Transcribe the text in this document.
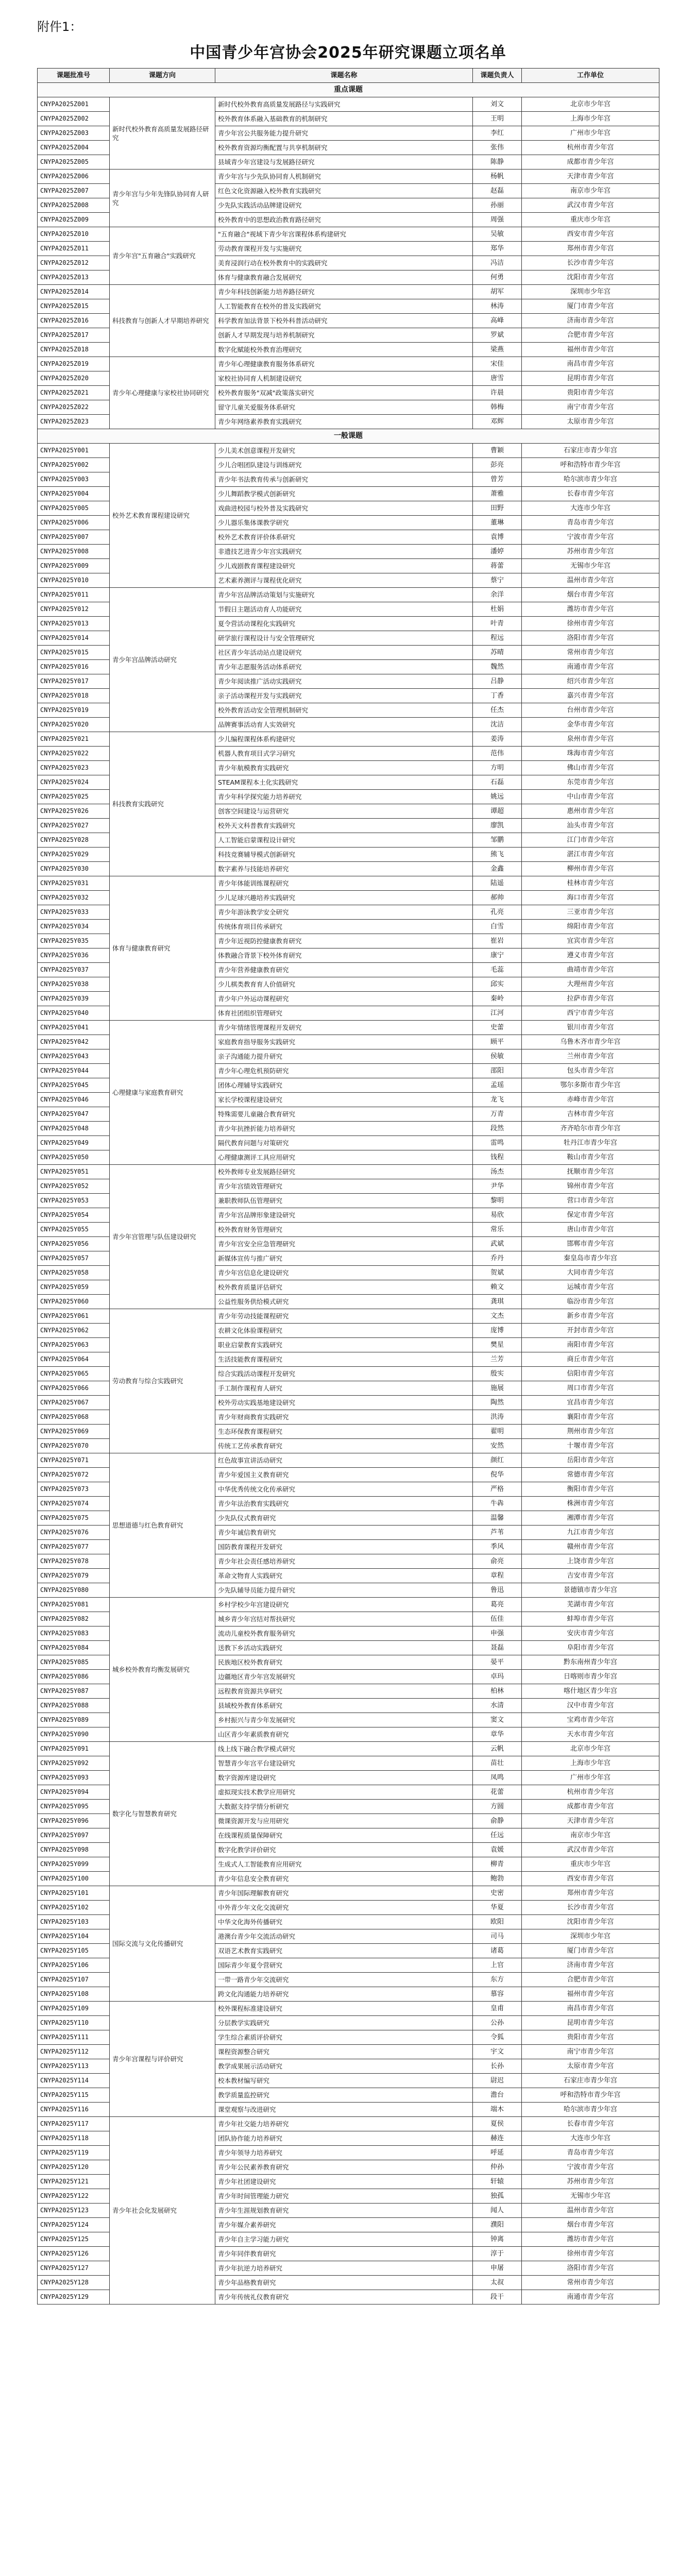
附件1：
中国青少年宫协会2025年研究课题立项名单
课题批准号	课题方向	课题名称	课题负责人	工作单位
重点课题				
CNYPA2025Z001	新时代校外教育高质量发展路径研究	新时代校外教育高质量发展路径与实践研究	刘文	北京市少年宫
CNYPA2025Z002		校外教育体系融入基础教育的机制研究	王明	上海市少年宫
CNYPA2025Z003		青少年宫公共服务能力提升研究	李红	广州市少年宫
CNYPA2025Z004		校外教育资源均衡配置与共享机制研究	张伟	杭州市青少年宫
CNYPA2025Z005		县域青少年宫建设与发展路径研究	陈静	成都市青少年宫
CNYPA2025Z006	青少年宫与少年先锋队协同育人研究	青少年宫与少先队协同育人机制研究	杨帆	天津市青少年宫
CNYPA2025Z007		红色文化资源融入校外教育实践研究	赵磊	南京市少年宫
CNYPA2025Z008		少先队实践活动品牌建设研究	孙丽	武汉市青少年宫
CNYPA2025Z009		校外教育中的思想政治教育路径研究	周强	重庆市少年宫
CNYPA2025Z010	青少年宫"五育融合"实践研究	"五育融合"视域下青少年宫课程体系构建研究	吴敏	西安市青少年宫
CNYPA2025Z011		劳动教育课程开发与实施研究	郑华	郑州市青少年宫
CNYPA2025Z012		美育浸润行动在校外教育中的实践研究	冯洁	长沙市青少年宫
CNYPA2025Z013		体育与健康教育融合发展研究	何勇	沈阳市青少年宫
CNYPA2025Z014	科技教育与创新人才早期培养研究	青少年科技创新能力培养路径研究	胡军	深圳市少年宫
CNYPA2025Z015		人工智能教育在校外的普及实践研究	林涛	厦门市青少年宫
CNYPA2025Z016		科学教育加法背景下校外科普活动研究	高峰	济南市青少年宫
CNYPA2025Z017		创新人才早期发现与培养机制研究	罗斌	合肥市青少年宫
CNYPA2025Z018		数字化赋能校外教育治理研究	梁燕	福州市青少年宫
CNYPA2025Z019	青少年心理健康与家校社协同研究	青少年心理健康教育服务体系研究	宋佳	南昌市青少年宫
CNYPA2025Z020		家校社协同育人机制建设研究	唐雪	昆明市青少年宫
CNYPA2025Z021		校外教育服务"双减"政策落实研究	许晨	贵阳市青少年宫
CNYPA2025Z022		留守儿童关爱服务体系研究	韩梅	南宁市青少年宫
CNYPA2025Z023		青少年网络素养教育实践研究	邓辉	太原市青少年宫
一般课题				
CNYPA2025Y001	校外艺术教育课程建设研究	少儿美术创意课程开发研究	曹颖	石家庄市青少年宫
CNYPA2025Y002		少儿合唱团队建设与训练研究	彭亮	呼和浩特市青少年宫
CNYPA2025Y003		青少年书法教育传承与创新研究	曾芳	哈尔滨市青少年宫
CNYPA2025Y004		少儿舞蹈教学模式创新研究	萧雅	长春市青少年宫
CNYPA2025Y005		戏曲进校园与校外普及实践研究	田野	大连市少年宫
CNYPA2025Y006		少儿器乐集体课教学研究	董琳	青岛市青少年宫
CNYPA2025Y007		校外艺术教育评价体系研究	袁博	宁波市青少年宫
CNYPA2025Y008		非遗技艺进青少年宫实践研究	潘婷	苏州市青少年宫
CNYPA2025Y009		少儿戏剧教育课程建设研究	蒋蕾	无锡市少年宫
CNYPA2025Y010		艺术素养测评与课程优化研究	蔡宁	温州市青少年宫
CNYPA2025Y011	青少年宫品牌活动研究	青少年宫品牌活动策划与实施研究	余洋	烟台市青少年宫
CNYPA2025Y012		节假日主题活动育人功能研究	杜娟	潍坊市青少年宫
CNYPA2025Y013		夏令营活动课程化实践研究	叶青	徐州市青少年宫
CNYPA2025Y014		研学旅行课程设计与安全管理研究	程远	洛阳市青少年宫
CNYPA2025Y015		社区青少年活动站点建设研究	苏晴	常州市青少年宫
CNYPA2025Y016		青少年志愿服务活动体系研究	魏然	南通市青少年宫
CNYPA2025Y017		青少年阅读推广活动实践研究	吕静	绍兴市青少年宫
CNYPA2025Y018		亲子活动课程开发与实践研究	丁香	嘉兴市青少年宫
CNYPA2025Y019		校外教育活动安全管理机制研究	任杰	台州市青少年宫
CNYPA2025Y020		品牌赛事活动育人实效研究	沈洁	金华市青少年宫
CNYPA2025Y021	科技教育实践研究	少儿编程课程体系构建研究	姜涛	泉州市青少年宫
CNYPA2025Y022		机器人教育项目式学习研究	范伟	珠海市青少年宫
CNYPA2025Y023		青少年航模教育实践研究	方明	佛山市青少年宫
CNYPA2025Y024		STEAM课程本土化实践研究	石磊	东莞市青少年宫
CNYPA2025Y025		青少年科学探究能力培养研究	姚远	中山市青少年宫
CNYPA2025Y026		创客空间建设与运营研究	谭超	惠州市青少年宫
CNYPA2025Y027		校外天文科普教育实践研究	廖凯	汕头市青少年宫
CNYPA2025Y028		人工智能启蒙课程设计研究	邹鹏	江门市青少年宫
CNYPA2025Y029		科技竞赛辅导模式创新研究	熊飞	湛江市青少年宫
CNYPA2025Y030		数字素养与技能培养研究	金鑫	柳州市青少年宫
CNYPA2025Y031	体育与健康教育研究	青少年体能训练课程研究	陆遥	桂林市青少年宫
CNYPA2025Y032		少儿足球兴趣培养实践研究	郝帅	海口市青少年宫
CNYPA2025Y033		青少年游泳教学安全研究	孔亮	三亚市青少年宫
CNYPA2025Y034		传统体育项目传承研究	白雪	绵阳市青少年宫
CNYPA2025Y035		青少年近视防控健康教育研究	崔岩	宜宾市青少年宫
CNYPA2025Y036		体教融合背景下校外体育研究	康宁	遵义市青少年宫
CNYPA2025Y037		青少年营养健康教育研究	毛蕊	曲靖市青少年宫
CNYPA2025Y038		少儿棋类教育育人价值研究	邱实	大理州青少年宫
CNYPA2025Y039		青少年户外运动课程研究	秦岭	拉萨市青少年宫
CNYPA2025Y040		体育社团组织管理研究	江河	西宁市青少年宫
CNYPA2025Y041	心理健康与家庭教育研究	青少年情绪管理课程开发研究	史蕾	银川市青少年宫
CNYPA2025Y042		家庭教育指导服务实践研究	顾平	乌鲁木齐市青少年宫
CNYPA2025Y043		亲子沟通能力提升研究	侯敏	兰州市青少年宫
CNYPA2025Y044		青少年心理危机预防研究	邵阳	包头市青少年宫
CNYPA2025Y045		团体心理辅导实践研究	孟瑶	鄂尔多斯市青少年宫
CNYPA2025Y046		家长学校课程建设研究	龙飞	赤峰市青少年宫
CNYPA2025Y047		特殊需要儿童融合教育研究	万青	吉林市青少年宫
CNYPA2025Y048		青少年抗挫折能力培养研究	段然	齐齐哈尔市青少年宫
CNYPA2025Y049		隔代教育问题与对策研究	雷鸣	牡丹江市青少年宫
CNYPA2025Y050		心理健康测评工具应用研究	钱程	鞍山市青少年宫
CNYPA2025Y051	青少年宫管理与队伍建设研究	校外教师专业发展路径研究	汤杰	抚顺市青少年宫
CNYPA2025Y052		青少年宫绩效管理研究	尹华	锦州市青少年宫
CNYPA2025Y053		兼职教师队伍管理研究	黎明	营口市青少年宫
CNYPA2025Y054		青少年宫品牌形象建设研究	易欣	保定市青少年宫
CNYPA2025Y055		校外教育财务管理研究	常乐	唐山市青少年宫
CNYPA2025Y056		青少年宫安全应急管理研究	武斌	邯郸市青少年宫
CNYPA2025Y057		新媒体宣传与推广研究	乔丹	秦皇岛市青少年宫
CNYPA2025Y058		青少年宫信息化建设研究	贺斌	大同市青少年宫
CNYPA2025Y059		校外教育质量评估研究	赖文	运城市青少年宫
CNYPA2025Y060		公益性服务供给模式研究	龚琪	临汾市青少年宫
CNYPA2025Y061	劳动教育与综合实践研究	青少年劳动技能课程研究	文杰	新乡市青少年宫
CNYPA2025Y062		农耕文化体验课程研究	庞博	开封市青少年宫
CNYPA2025Y063		职业启蒙教育实践研究	樊星	南阳市青少年宫
CNYPA2025Y064		生活技能教育课程研究	兰芳	商丘市青少年宫
CNYPA2025Y065		综合实践活动课程开发研究	殷实	信阳市青少年宫
CNYPA2025Y066		手工制作课程育人研究	施展	周口市青少年宫
CNYPA2025Y067		校外劳动实践基地建设研究	陶然	宜昌市青少年宫
CNYPA2025Y068		青少年财商教育实践研究	洪涛	襄阳市青少年宫
CNYPA2025Y069		生态环保教育课程研究	翟明	荆州市青少年宫
CNYPA2025Y070		传统工艺传承教育研究	安然	十堰市青少年宫
CNYPA2025Y071	思想道德与红色教育研究	红色故事宣讲活动研究	颜红	岳阳市青少年宫
CNYPA2025Y072		青少年爱国主义教育研究	倪华	常德市青少年宫
CNYPA2025Y073		中华优秀传统文化传承研究	严格	衡阳市青少年宫
CNYPA2025Y074		青少年法治教育实践研究	牛犇	株洲市青少年宫
CNYPA2025Y075		少先队仪式教育研究	温馨	湘潭市青少年宫
CNYPA2025Y076		青少年诚信教育研究	芦苇	九江市青少年宫
CNYPA2025Y077		国防教育课程开发研究	季风	赣州市青少年宫
CNYPA2025Y078		青少年社会责任感培养研究	俞亮	上饶市青少年宫
CNYPA2025Y079		革命文物育人实践研究	章程	吉安市青少年宫
CNYPA2025Y080		少先队辅导员能力提升研究	鲁迅	景德镇市青少年宫
CNYPA2025Y081	城乡校外教育均衡发展研究	乡村学校少年宫建设研究	葛亮	芜湖市青少年宫
CNYPA2025Y082		城乡青少年宫结对帮扶研究	伍佳	蚌埠市青少年宫
CNYPA2025Y083		流动儿童校外教育服务研究	申强	安庆市青少年宫
CNYPA2025Y084		送教下乡活动实践研究	聂磊	阜阳市青少年宫
CNYPA2025Y085		民族地区校外教育研究	晏平	黔东南州青少年宫
CNYPA2025Y086		边疆地区青少年宫发展研究	卓玛	日喀则市青少年宫
CNYPA2025Y087		远程教育资源共享研究	柏林	喀什地区青少年宫
CNYPA2025Y088		县域校外教育体系研究	水清	汉中市青少年宫
CNYPA2025Y089		乡村振兴与青少年发展研究	窦文	宝鸡市青少年宫
CNYPA2025Y090		山区青少年素质教育研究	章华	天水市青少年宫
CNYPA2025Y091	数字化与智慧教育研究	线上线下融合教学模式研究	云帆	北京市少年宫
CNYPA2025Y092		智慧青少年宫平台建设研究	苗壮	上海市少年宫
CNYPA2025Y093		数字资源库建设研究	凤鸣	广州市少年宫
CNYPA2025Y094		虚拟现实技术教学应用研究	花蕾	杭州市青少年宫
CNYPA2025Y095		大数据支持学情分析研究	方圆	成都市青少年宫
CNYPA2025Y096		微课资源开发与应用研究	俞静	天津市青少年宫
CNYPA2025Y097		在线课程质量保障研究	任远	南京市少年宫
CNYPA2025Y098		数字化教学评价研究	袁媛	武汉市青少年宫
CNYPA2025Y099		生成式人工智能教育应用研究	柳青	重庆市少年宫
CNYPA2025Y100		青少年信息安全教育研究	鲍勃	西安市青少年宫
CNYPA2025Y101	国际交流与文化传播研究	青少年国际理解教育研究	史密	郑州市青少年宫
CNYPA2025Y102		中外青少年文化交流研究	华夏	长沙市青少年宫
CNYPA2025Y103		中华文化海外传播研究	欧阳	沈阳市青少年宫
CNYPA2025Y104		港澳台青少年交流活动研究	司马	深圳市少年宫
CNYPA2025Y105		双语艺术教育实践研究	诸葛	厦门市青少年宫
CNYPA2025Y106		国际青少年夏令营研究	上官	济南市青少年宫
CNYPA2025Y107		一带一路青少年交流研究	东方	合肥市青少年宫
CNYPA2025Y108		跨文化沟通能力培养研究	慕容	福州市青少年宫
CNYPA2025Y109	青少年宫课程与评价研究	校外课程标准建设研究	皇甫	南昌市青少年宫
CNYPA2025Y110		分层教学实践研究	公孙	昆明市青少年宫
CNYPA2025Y111		学生综合素质评价研究	令狐	贵阳市青少年宫
CNYPA2025Y112		课程资源整合研究	宇文	南宁市青少年宫
CNYPA2025Y113		教学成果展示活动研究	长孙	太原市青少年宫
CNYPA2025Y114		校本教材编写研究	尉迟	石家庄市青少年宫
CNYPA2025Y115		教学质量监控研究	澹台	呼和浩特市青少年宫
CNYPA2025Y116		课堂观察与改进研究	端木	哈尔滨市青少年宫
CNYPA2025Y117	青少年社会化发展研究	青少年社交能力培养研究	夏侯	长春市青少年宫
CNYPA2025Y118		团队协作能力培养研究	赫连	大连市少年宫
CNYPA2025Y119		青少年领导力培养研究	呼延	青岛市青少年宫
CNYPA2025Y120		青少年公民素养教育研究	仲孙	宁波市青少年宫
CNYPA2025Y121		青少年社团建设研究	轩辕	苏州市青少年宫
CNYPA2025Y122		青少年时间管理能力研究	独孤	无锡市少年宫
CNYPA2025Y123		青少年生涯规划教育研究	闻人	温州市青少年宫
CNYPA2025Y124		青少年媒介素养研究	濮阳	烟台市青少年宫
CNYPA2025Y125		青少年自主学习能力研究	钟离	潍坊市青少年宫
CNYPA2025Y126		青少年同伴教育研究	淳于	徐州市青少年宫
CNYPA2025Y127		青少年抗逆力培养研究	申屠	洛阳市青少年宫
CNYPA2025Y128		青少年品格教育研究	太叔	常州市青少年宫
CNYPA2025Y129		青少年传统礼仪教育研究	段干	南通市青少年宫
